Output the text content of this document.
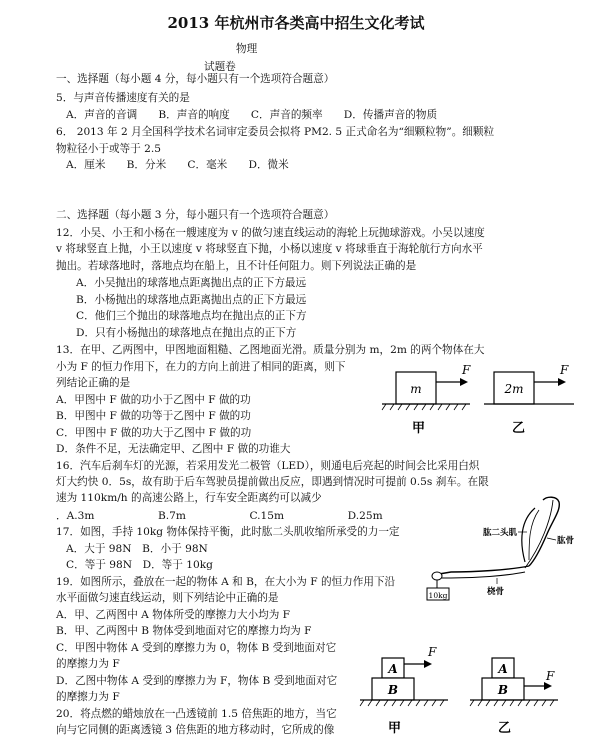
2013 年杭州市各类高中招生文化考试
物理
试题卷
一、选择题（每小题 4 分，每小题只有一个选项符合题意）
5．与声音传播速度有关的是
A．声音的音调　　B．声音的响度　　C．声音的频率　　D．传播声音的物质
6． 2013 年 2 月全国科学技术名词审定委员会拟将 PM2. 5 正式命名为“细颗粒物”。细颗粒
物粒径小于或等于 2.5
A．厘米　　B．分米　　C．毫米　　D．微米
二、选择题（每小题 3 分，每小题只有一个选项符合题意）
12．小吴、小王和小杨在一艘速度为 v 的做匀速直线运动的海轮上玩抛球游戏。小吴以速度
v 将球竖直上抛，小王以速度 v 将球竖直下抛，小杨以速度 v 将球垂直于海轮航行方向水平
抛出。若球落地时，落地点均在船上，且不计任何阻力。则下列说法正确的是
A．小吴抛出的球落地点距离抛出点的正下方最远
B．小杨抛出的球落地点距离抛出点的正下方最远
C．他们三个抛出的球落地点均在抛出点的正下方
D．只有小杨抛出的球落地点在抛出点的正下方
13．在甲、乙两图中，甲图地面粗糙、乙图地面光滑。质量分别为 m，2m 的两个物体在大
小为 F 的恒力作用下，在力的方向上前进了相同的距离，则下
列结论正确的是
A．甲图中 F 做的功小于乙图中 F 做的功
B．甲图中 F 做的功等于乙图中 F 做的功
C．甲图中 F 做的功大于乙图中 F 做的功
D．条件不足，无法确定甲、乙图中 F 做的功谁大
16．汽车后刹车灯的光源，若采用发光二极管（LED），则通电后亮起的时间会比采用白炽
灯大约快 0．5s，故有助于后车驾驶员提前做出反应，即遇到情况时可提前 0.5s 刹车。在限
速为 110km/h 的高速公路上，行车安全距离约可以减少
．A.3m　　　　　　B.7m　　　　　　C.15m　　　　　　D.25m
17．如图，手持 10kg 物体保持平衡，此时肱二头肌收缩所承受的力一定
A．大于 98N　B．小于 98N
C．等于 98N　D．等于 10kg
19．如图所示，叠放在一起的物体 A 和 B，在大小为 F 的恒力作用下沿
水平面做匀速直线运动，则下列结论中正确的是
A．甲、乙两图中 A 物体所受的摩擦力大小均为 F
B．甲、乙两图中 B 物体受到地面对它的摩擦力均为 F
C．甲图中物体 A 受到的摩擦力为 0，物体 B 受到地面对它
的摩擦力为 F
D．乙图中物体 A 受到的摩擦力为 F，物体 B 受到地面对它
的摩擦力为 F
20．将点燃的蜡烛放在一凸透镜前 1.5 倍焦距的地方，当它
向与它同侧的距离透镜 3 倍焦距的地方移动时，它所成的像
m
F
甲
2m
F
乙
10kg
肱二头肌
肱骨
桡骨
A
B
F
甲
A
B
F
乙
